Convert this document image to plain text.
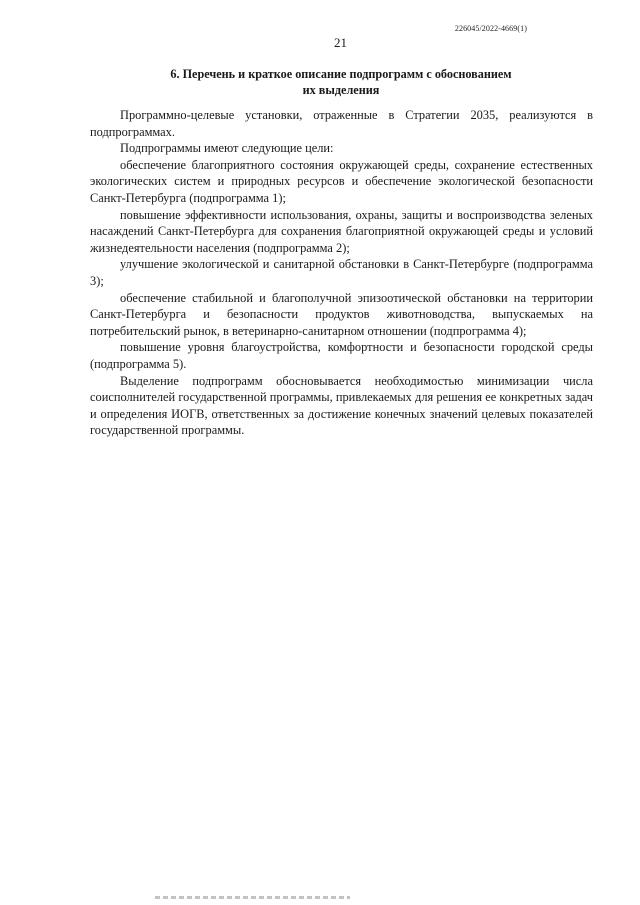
226045/2022-4669(1)
21
6. Перечень и краткое описание подпрограмм с обоснованием
их выделения

Программно-целевые установки, отраженные в Стратегии 2035, реализуются в подпрограммах.

Подпрограммы имеют следующие цели:

обеспечение благоприятного состояния окружающей среды, сохранение естественных экологических систем и природных ресурсов и обеспечение экологической безопасности Санкт-Петербурга (подпрограмма 1);

повышение эффективности использования, охраны, защиты и воспроизводства зеленых насаждений Санкт-Петербурга для сохранения благоприятной окружающей среды и условий жизнедеятельности населения (подпрограмма 2);

улучшение экологической и санитарной обстановки в Санкт-Петербурге (подпрограмма 3);

обеспечение стабильной и благополучной эпизоотической обстановки на территории Санкт-Петербурга и безопасности продуктов животноводства, выпускаемых на потребительский рынок, в ветеринарно-санитарном отношении (подпрограмма 4);

повышение уровня благоустройства, комфортности и безопасности городской среды (подпрограмма 5).

Выделение подпрограмм обосновывается необходимостью минимизации числа соисполнителей государственной программы, привлекаемых для решения ее конкретных задач и определения ИОГВ, ответственных за достижение конечных значений целевых показателей государственной программы.
